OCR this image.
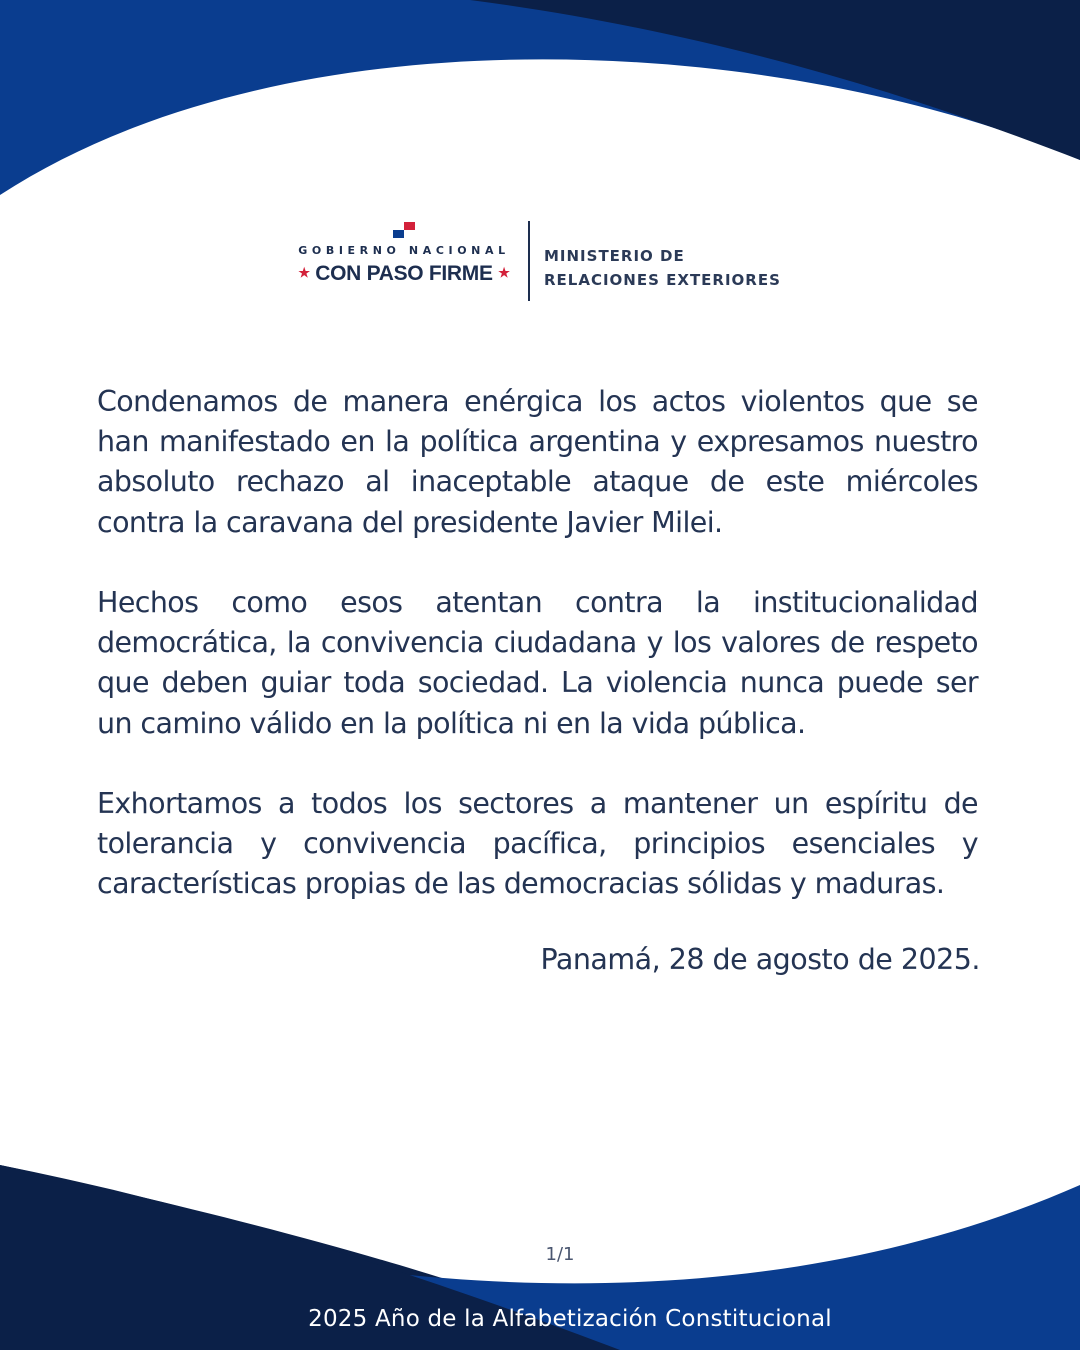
GOBIERNO NACIONAL
★ CON PASO FIRME ★
MINISTERIO DE
RELACIONES EXTERIORES

Condenamos de manera enérgica los actos violentos que se han manifestado en la política argentina y expresamos nuestro absoluto rechazo al inaceptable ataque de este miércoles contra la caravana del presidente Javier Milei.

Hechos como esos atentan contra la institucionalidad democrática, la convivencia ciudadana y los valores de respeto que deben guiar toda sociedad. La violencia nunca puede ser un camino válido en la política ni en la vida pública.

Exhortamos a todos los sectores a mantener un espíritu de tolerancia y convivencia pacífica, principios esenciales y características propias de las democracias sólidas y maduras.

Panamá, 28 de agosto de 2025.
1/1
2025 Año de la Alfabetización Constitucional
